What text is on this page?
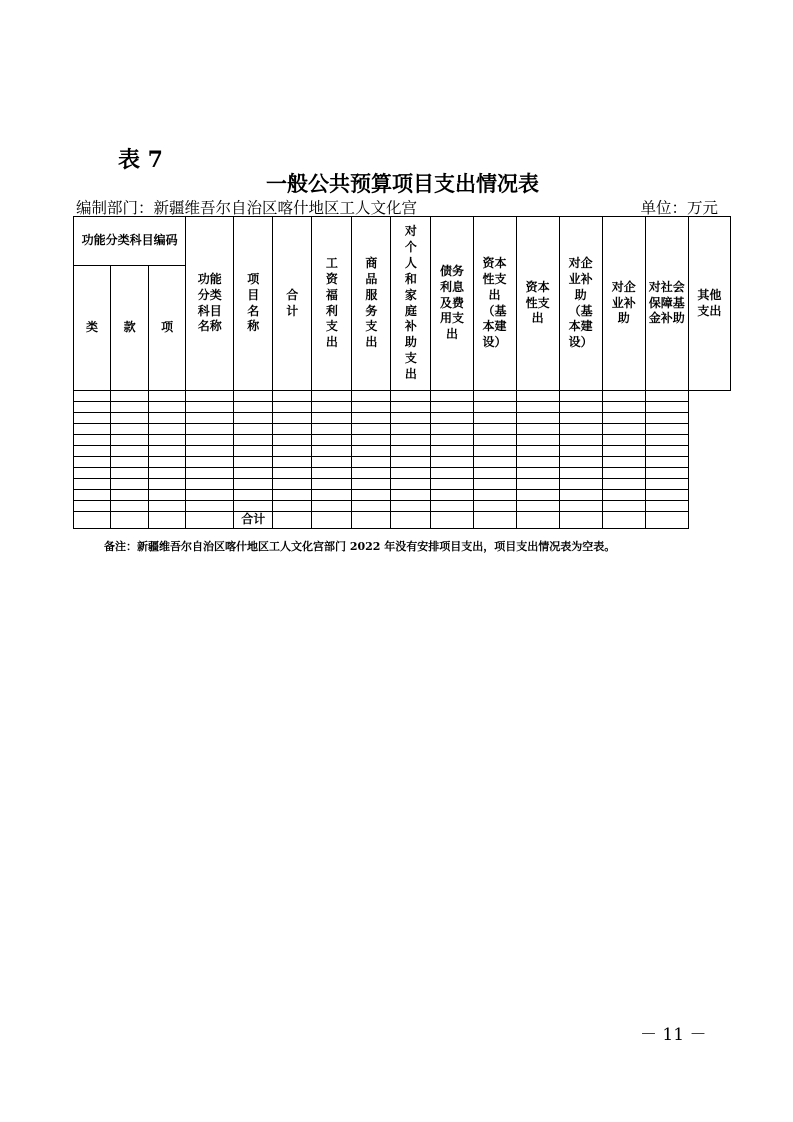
表 7
一般公共预算项目支出情况表
编制部门：新疆维吾尔自治区喀什地区工人文化宫	单位：万元
功能分类科目编码			功能分类科目名称	项目名称	合计	工资福利支出	商品服务支出	对个人和家庭补助支出	债务利息及费用支出	资本性支出（基本建设）	资本性支出	对企业补助（基本建设）	对企业补助	对社会保障基金补助	其他支出
类	款	项													

				合计											
备注：新疆维吾尔自治区喀什地区工人文化宫部门 2022 年没有安排项目支出，项目支出情况表为空表。
－ 11 －
